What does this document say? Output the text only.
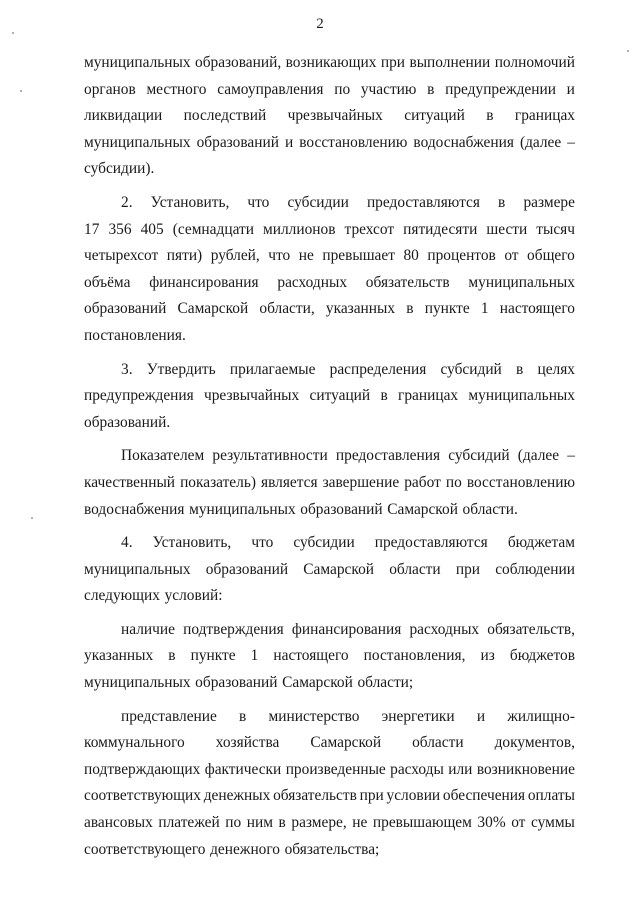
2
муниципальных образований, возникающих при выполнении полномочий
органов местного самоуправления по участию в предупреждении и
ликвидации последствий чрезвычайных ситуаций в границах
муниципальных образований и восстановлению водоснабжения (далее –
субсидии).
2. Установить, что субсидии предоставляются в размере
17 356 405 (семнадцати миллионов трехсот пятидесяти шести тысяч
четырехсот пяти) рублей, что не превышает 80 процентов от общего
объёма финансирования расходных обязательств муниципальных
образований Самарской области, указанных в пункте 1 настоящего
постановления.
3. Утвердить прилагаемые распределения субсидий в целях
предупреждения чрезвычайных ситуаций в границах муниципальных
образований.
Показателем результативности предоставления субсидий (далее –
качественный показатель) является завершение работ по восстановлению
водоснабжения муниципальных образований Самарской области.
4. Установить, что субсидии предоставляются бюджетам
муниципальных образований Самарской области при соблюдении
следующих условий:
наличие подтверждения финансирования расходных обязательств,
указанных в пункте 1 настоящего постановления, из бюджетов
муниципальных образований Самарской области;
представление в министерство энергетики и жилищно-
коммунального хозяйства Самарской области документов,
подтверждающих фактически произведенные расходы или возникновение
соответствующих денежных обязательств при условии обеспечения оплаты
авансовых платежей по ним в размере, не превышающем 30% от суммы
соответствующего денежного обязательства;
